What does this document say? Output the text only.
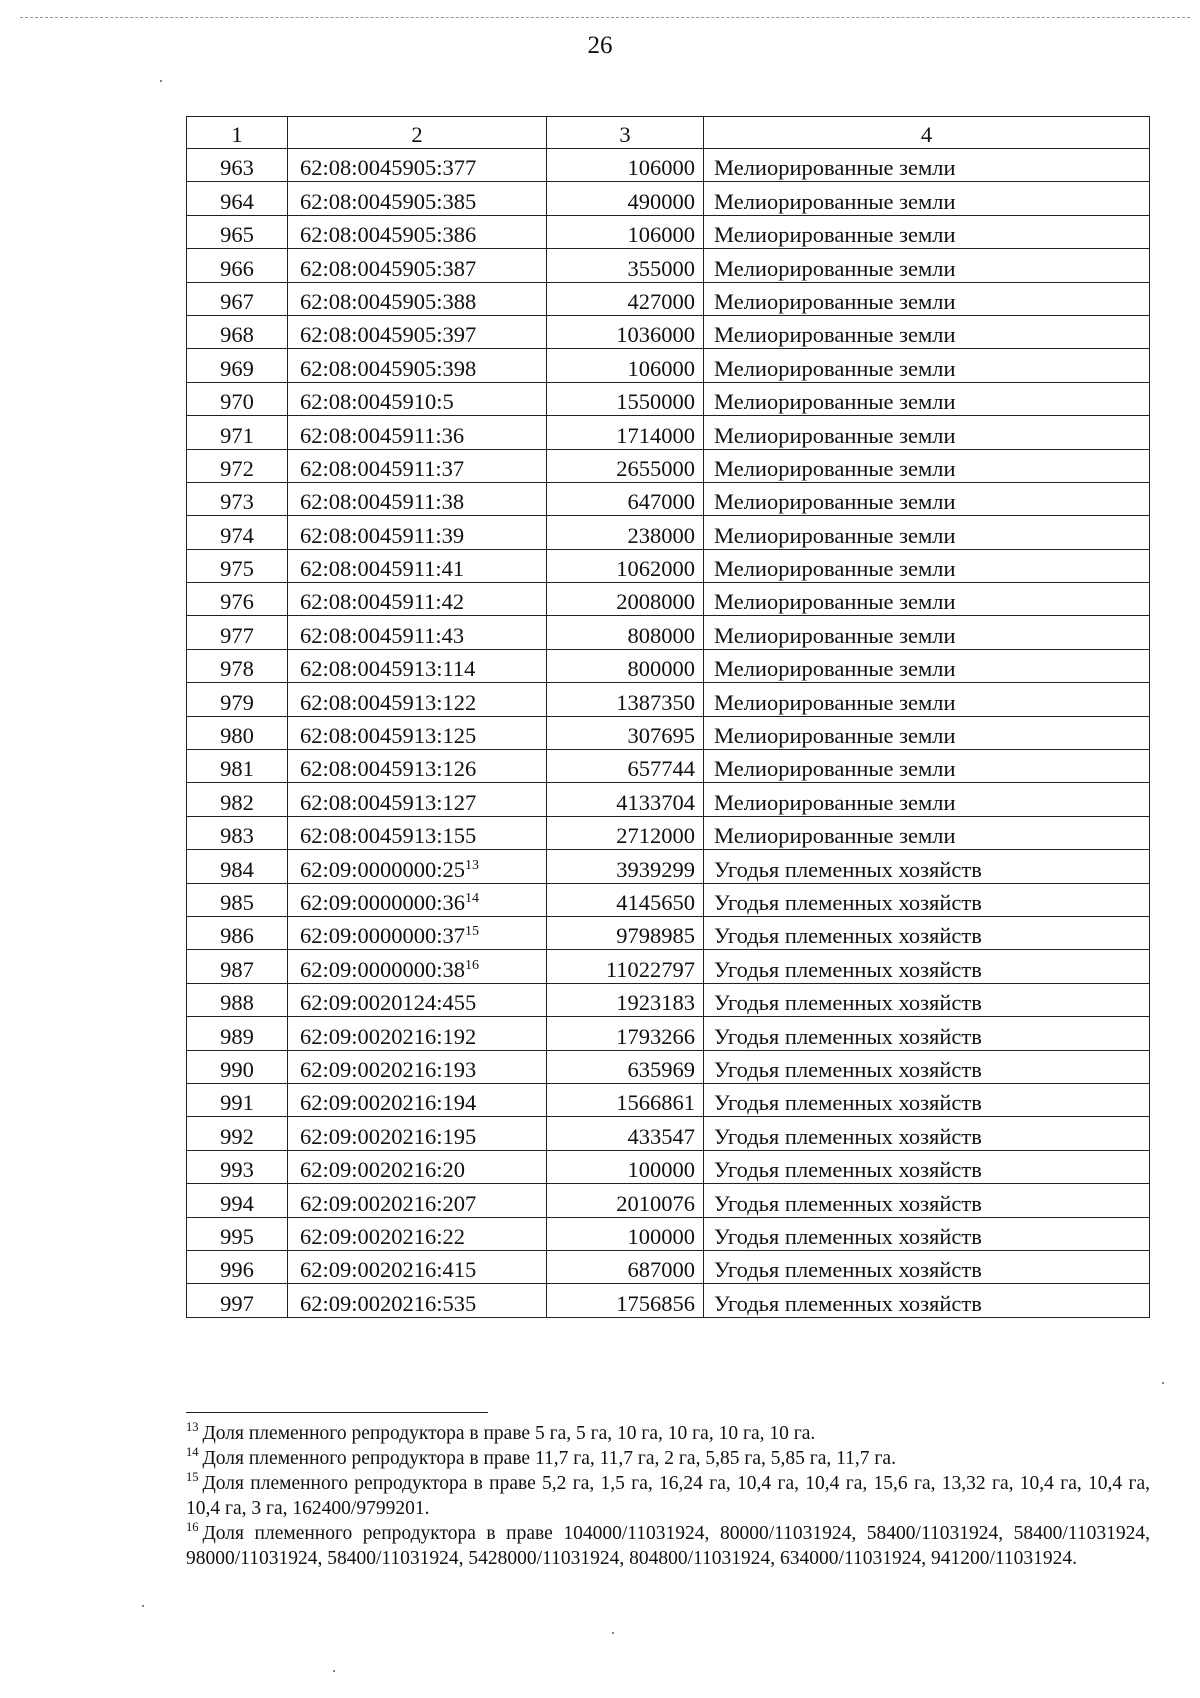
26
1	2	3	4
963	62:08:0045905:377	106000	Мелиорированные земли
964	62:08:0045905:385	490000	Мелиорированные земли
965	62:08:0045905:386	106000	Мелиорированные земли
966	62:08:0045905:387	355000	Мелиорированные земли
967	62:08:0045905:388	427000	Мелиорированные земли
968	62:08:0045905:397	1036000	Мелиорированные земли
969	62:08:0045905:398	106000	Мелиорированные земли
970	62:08:0045910:5	1550000	Мелиорированные земли
971	62:08:0045911:36	1714000	Мелиорированные земли
972	62:08:0045911:37	2655000	Мелиорированные земли
973	62:08:0045911:38	647000	Мелиорированные земли
974	62:08:0045911:39	238000	Мелиорированные земли
975	62:08:0045911:41	1062000	Мелиорированные земли
976	62:08:0045911:42	2008000	Мелиорированные земли
977	62:08:0045911:43	808000	Мелиорированные земли
978	62:08:0045913:114	800000	Мелиорированные земли
979	62:08:0045913:122	1387350	Мелиорированные земли
980	62:08:0045913:125	307695	Мелиорированные земли
981	62:08:0045913:126	657744	Мелиорированные земли
982	62:08:0045913:127	4133704	Мелиорированные земли
983	62:08:0045913:155	2712000	Мелиорированные земли
984	$62:09:0000000:25^{13}$	3939299	Угодья племенных хозяйств
985	$62:09:0000000:36^{14}$	4145650	Угодья племенных хозяйств
986	$62:09:0000000:37^{15}$	9798985	Угодья племенных хозяйств
987	$62:09:0000000:38^{16}$	11022797	Угодья племенных хозяйств
988	62:09:0020124:455	1923183	Угодья племенных хозяйств
989	62:09:0020216:192	1793266	Угодья племенных хозяйств
990	62:09:0020216:193	635969	Угодья племенных хозяйств
991	62:09:0020216:194	1566861	Угодья племенных хозяйств
992	62:09:0020216:195	433547	Угодья племенных хозяйств
993	62:09:0020216:20	100000	Угодья племенных хозяйств
994	62:09:0020216:207	2010076	Угодья племенных хозяйств
995	62:09:0020216:22	100000	Угодья племенных хозяйств
996	62:09:0020216:415	687000	Угодья племенных хозяйств
997	62:09:0020216:535	1756856	Угодья племенных хозяйств

$^{13}$ Доля племенного репродуктора в праве 5 га, 5 га, 10 га, 10 га, 10 га, 10 га.

$^{14}$ Доля племенного репродуктора в праве 11,7 га, 11,7 га, 2 га, 5,85 га, 5,85 га, 11,7 га.

$^{15}$ Доля племенного репродуктора в праве 5,2 га, 1,5 га, 16,24 га, 10,4 га, 10,4 га, 15,6 га, 13,32 га, 10,4 га, 10,4 га, 10,4 га, 3 га, 162400/9799201.

$^{16}$ Доля племенного репродуктора в праве 104000/11031924, 80000/11031924, 58400/11031924, 58400/11031924, 98000/11031924, 58400/11031924, 5428000/11031924, 804800/11031924, 634000/11031924, 941200/11031924.
